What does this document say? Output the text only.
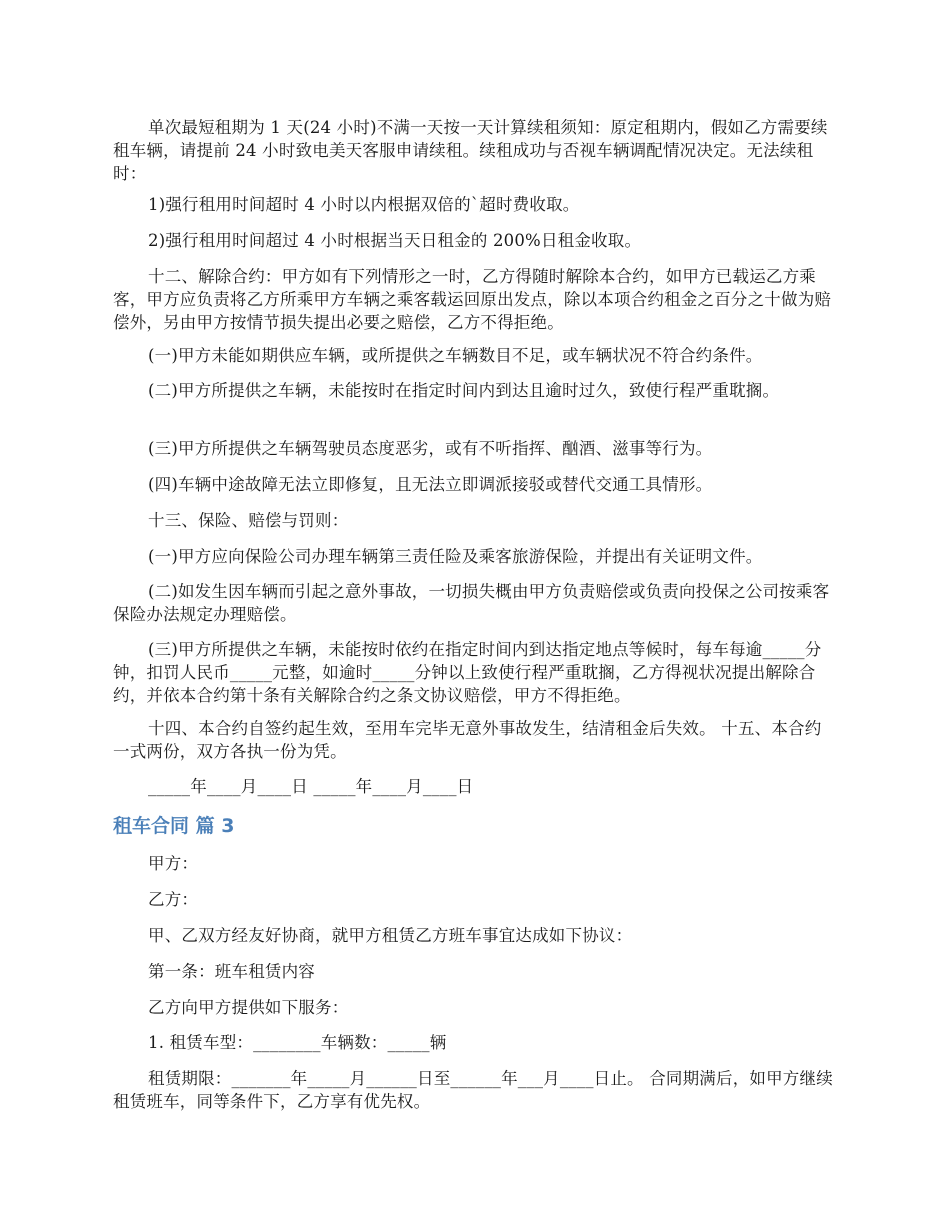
单次最短租期为 1 天(24 小时)不满一天按一天计算续租须知：原定租期内，假如乙方需要续租车辆，请提前 24 小时致电美天客服申请续租。续租成功与否视车辆调配情况决定。无法续租时：

1)强行租用时间超时 4 小时以内根据双倍的`超时费收取。

2)强行租用时间超过 4 小时根据当天日租金的 200%日租金收取。

十二、解除合约：甲方如有下列情形之一时，乙方得随时解除本合约，如甲方已载运乙方乘客，甲方应负责将乙方所乘甲方车辆之乘客载运回原出发点，除以本项合约租金之百分之十做为赔偿外，另由甲方按情节损失提出必要之赔偿，乙方不得拒绝。

(一)甲方未能如期供应车辆，或所提供之车辆数目不足，或车辆状况不符合约条件。

(二)甲方所提供之车辆，未能按时在指定时间内到达且逾时过久，致使行程严重耽搁。

(三)甲方所提供之车辆驾驶员态度恶劣，或有不听指挥、酗酒、滋事等行为。

(四)车辆中途故障无法立即修复，且无法立即调派接驳或替代交通工具情形。

十三、保险、赔偿与罚则：

(一)甲方应向保险公司办理车辆第三责任险及乘客旅游保险，并提出有关证明文件。

(二)如发生因车辆而引起之意外事故，一切损失概由甲方负责赔偿或负责向投保之公司按乘客保险办法规定办理赔偿。

(三)甲方所提供之车辆，未能按时依约在指定时间内到达指定地点等候时，每车每逾_____分钟，扣罚人民币_____元整，如逾时_____分钟以上致使行程严重耽搁，乙方得视状况提出解除合约，并依本合约第十条有关解除合约之条文协议赔偿，甲方不得拒绝。

十四、本合约自签约起生效，至用车完毕无意外事故发生，结清租金后失效。 十五、本合约一式两份，双方各执一份为凭。

_____年____月____日 _____年____月____日

租车合同 篇 3

甲方：

乙方：

甲、乙双方经友好协商，就甲方租赁乙方班车事宜达成如下协议：

第一条：班车租赁内容

乙方向甲方提供如下服务：

1. 租赁车型：________车辆数：_____辆

租赁期限：_______年_____月______日至______年___月____日止。 合同期满后，如甲方继续租赁班车，同等条件下，乙方享有优先权。
